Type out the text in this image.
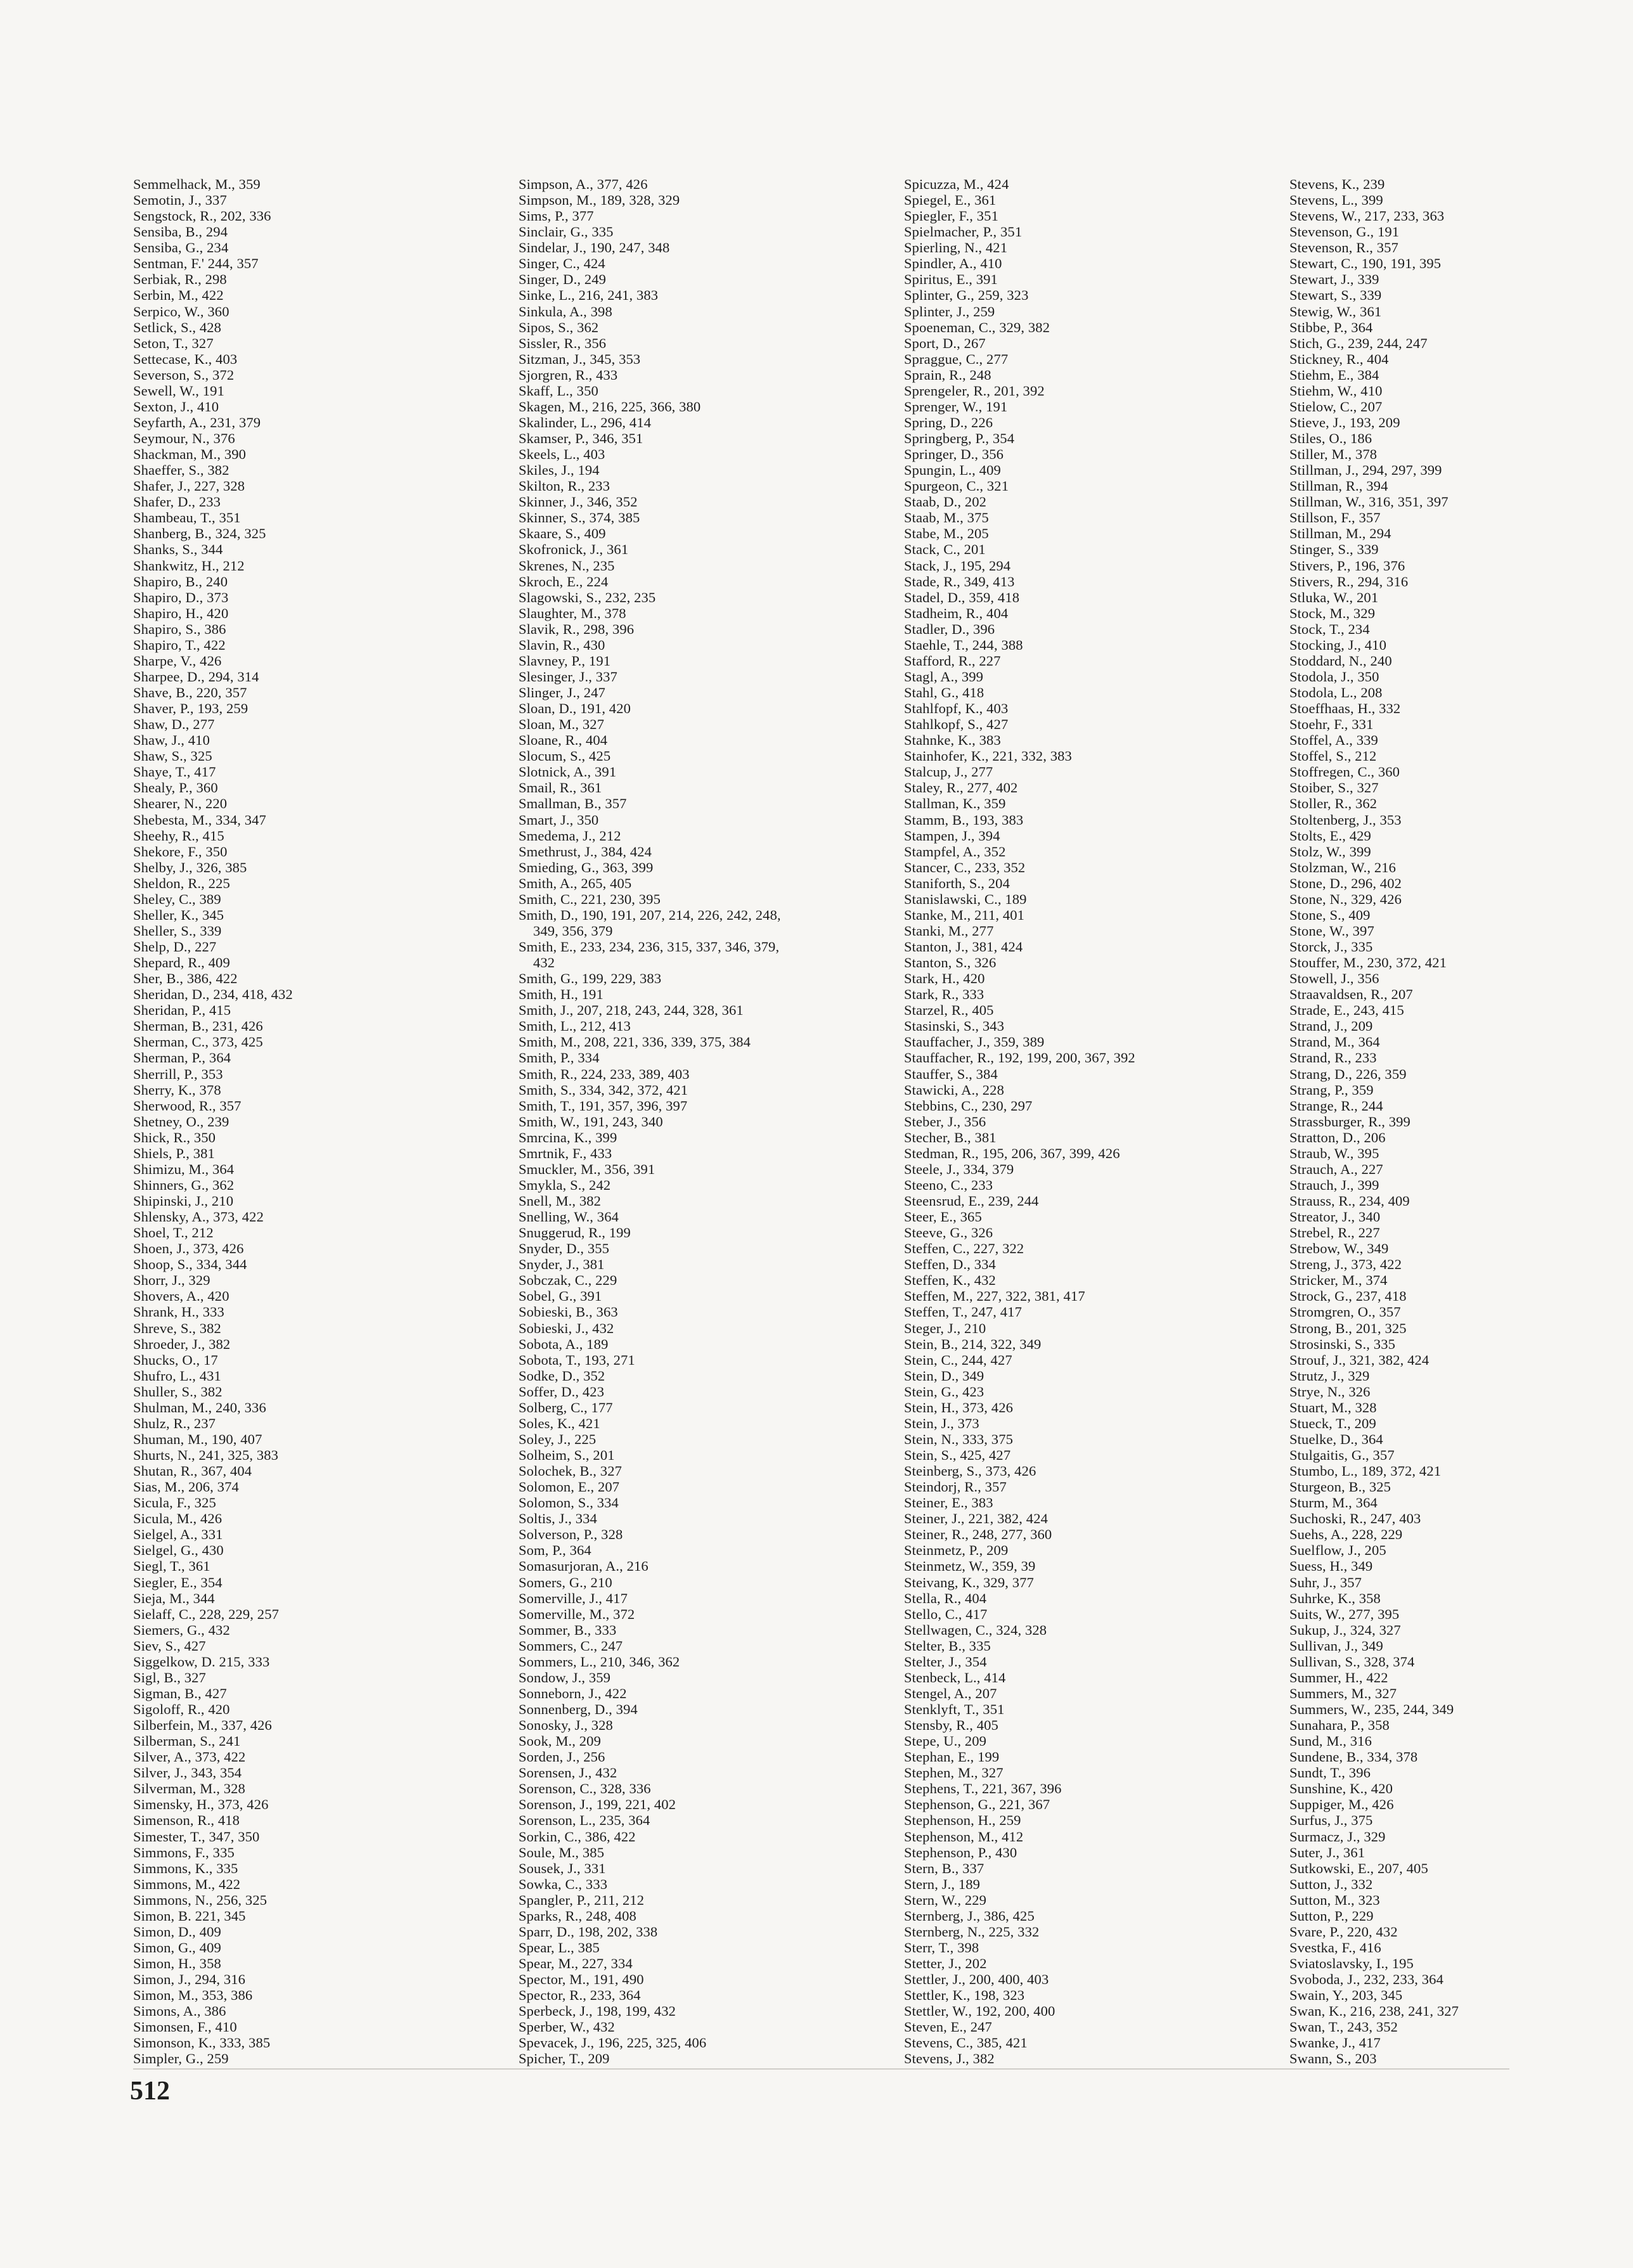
Semmelhack, M., 359
Semotin, J., 337
Sengstock, R., 202, 336
Sensiba, B., 294
Sensiba, G., 234
Sentman, F.' 244, 357
Serbiak, R., 298
Serbin, M., 422
Serpico, W., 360
Setlick, S., 428
Seton, T., 327
Settecase, K., 403
Severson, S., 372
Sewell, W., 191
Sexton, J., 410
Seyfarth, A., 231, 379
Seymour, N., 376
Shackman, M., 390
Shaeffer, S., 382
Shafer, J., 227, 328
Shafer, D., 233
Shambeau, T., 351
Shanberg, B., 324, 325
Shanks, S., 344
Shankwitz, H., 212
Shapiro, B., 240
Shapiro, D., 373
Shapiro, H., 420
Shapiro, S., 386
Shapiro, T., 422
Sharpe, V., 426
Sharpee, D., 294, 314
Shave, B., 220, 357
Shaver, P., 193, 259
Shaw, D., 277
Shaw, J., 410
Shaw, S., 325
Shaye, T., 417
Shealy, P., 360
Shearer, N., 220
Shebesta, M., 334, 347
Sheehy, R., 415
Shekore, F., 350
Shelby, J., 326, 385
Sheldon, R., 225
Sheley, C., 389
Sheller, K., 345
Sheller, S., 339
Shelp, D., 227
Shepard, R., 409
Sher, B., 386, 422
Sheridan, D., 234, 418, 432
Sheridan, P., 415
Sherman, B., 231, 426
Sherman, C., 373, 425
Sherman, P., 364
Sherrill, P., 353
Sherry, K., 378
Sherwood, R., 357
Shetney, O., 239
Shick, R., 350
Shiels, P., 381
Shimizu, M., 364
Shinners, G., 362
Shipinski, J., 210
Shlensky, A., 373, 422
Shoel, T., 212
Shoen, J., 373, 426
Shoop, S., 334, 344
Shorr, J., 329
Shovers, A., 420
Shrank, H., 333
Shreve, S., 382
Shroeder, J., 382
Shucks, O., 17
Shufro, L., 431
Shuller, S., 382
Shulman, M., 240, 336
Shulz, R., 237
Shuman, M., 190, 407
Shurts, N., 241, 325, 383
Shutan, R., 367, 404
Sias, M., 206, 374
Sicula, F., 325
Sicula, M., 426
Sielgel, A., 331
Sielgel, G., 430
Siegl, T., 361
Siegler, E., 354
Sieja, M., 344
Sielaff, C., 228, 229, 257
Siemers, G., 432
Siev, S., 427
Siggelkow, D. 215, 333
Sigl, B., 327
Sigman, B., 427
Sigoloff, R., 420
Silberfein, M., 337, 426
Silberman, S., 241
Silver, A., 373, 422
Silver, J., 343, 354
Silverman, M., 328
Simensky, H., 373, 426
Simenson, R., 418
Simester, T., 347, 350
Simmons, F., 335
Simmons, K., 335
Simmons, M., 422
Simmons, N., 256, 325
Simon, B. 221, 345
Simon, D., 409
Simon, G., 409
Simon, H., 358
Simon, J., 294, 316
Simon, M., 353, 386
Simons, A., 386
Simonsen, F., 410
Simonson, K., 333, 385
Simpler, G., 259
Simpson, A., 377, 426
Simpson, M., 189, 328, 329
Sims, P., 377
Sinclair, G., 335
Sindelar, J., 190, 247, 348
Singer, C., 424
Singer, D., 249
Sinke, L., 216, 241, 383
Sinkula, A., 398
Sipos, S., 362
Sissler, R., 356
Sitzman, J., 345, 353
Sjorgren, R., 433
Skaff, L., 350
Skagen, M., 216, 225, 366, 380
Skalinder, L., 296, 414
Skamser, P., 346, 351
Skeels, L., 403
Skiles, J., 194
Skilton, R., 233
Skinner, J., 346, 352
Skinner, S., 374, 385
Skaare, S., 409
Skofronick, J., 361
Skrenes, N., 235
Skroch, E., 224
Slagowski, S., 232, 235
Slaughter, M., 378
Slavik, R., 298, 396
Slavin, R., 430
Slavney, P., 191
Slesinger, J., 337
Slinger, J., 247
Sloan, D., 191, 420
Sloan, M., 327
Sloane, R., 404
Slocum, S., 425
Slotnick, A., 391
Smail, R., 361
Smallman, B., 357
Smart, J., 350
Smedema, J., 212
Smethrust, J., 384, 424
Smieding, G., 363, 399
Smith, A., 265, 405
Smith, C., 221, 230, 395
Smith, D., 190, 191, 207, 214, 226, 242, 248,
349, 356, 379
Smith, E., 233, 234, 236, 315, 337, 346, 379,
432
Smith, G., 199, 229, 383
Smith, H., 191
Smith, J., 207, 218, 243, 244, 328, 361
Smith, L., 212, 413
Smith, M., 208, 221, 336, 339, 375, 384
Smith, P., 334
Smith, R., 224, 233, 389, 403
Smith, S., 334, 342, 372, 421
Smith, T., 191, 357, 396, 397
Smith, W., 191, 243, 340
Smrcina, K., 399
Smrtnik, F., 433
Smuckler, M., 356, 391
Smykla, S., 242
Snell, M., 382
Snelling, W., 364
Snuggerud, R., 199
Snyder, D., 355
Snyder, J., 381
Sobczak, C., 229
Sobel, G., 391
Sobieski, B., 363
Sobieski, J., 432
Sobota, A., 189
Sobota, T., 193, 271
Sodke, D., 352
Soffer, D., 423
Solberg, C., 177
Soles, K., 421
Soley, J., 225
Solheim, S., 201
Solochek, B., 327
Solomon, E., 207
Solomon, S., 334
Soltis, J., 334
Solverson, P., 328
Som, P., 364
Somasurjoran, A., 216
Somers, G., 210
Somerville, J., 417
Somerville, M., 372
Sommer, B., 333
Sommers, C., 247
Sommers, L., 210, 346, 362
Sondow, J., 359
Sonneborn, J., 422
Sonnenberg, D., 394
Sonosky, J., 328
Sook, M., 209
Sorden, J., 256
Sorensen, J., 432
Sorenson, C., 328, 336
Sorenson, J., 199, 221, 402
Sorenson, L., 235, 364
Sorkin, C., 386, 422
Soule, M., 385
Sousek, J., 331
Sowka, C., 333
Spangler, P., 211, 212
Sparks, R., 248, 408
Sparr, D., 198, 202, 338
Spear, L., 385
Spear, M., 227, 334
Spector, M., 191, 490
Spector, R., 233, 364
Sperbeck, J., 198, 199, 432
Sperber, W., 432
Spevacek, J., 196, 225, 325, 406
Spicher, T., 209
Spicuzza, M., 424
Spiegel, E., 361
Spiegler, F., 351
Spielmacher, P., 351
Spierling, N., 421
Spindler, A., 410
Spiritus, E., 391
Splinter, G., 259, 323
Splinter, J., 259
Spoeneman, C., 329, 382
Sport, D., 267
Spraggue, C., 277
Sprain, R., 248
Sprengeler, R., 201, 392
Sprenger, W., 191
Spring, D., 226
Springberg, P., 354
Springer, D., 356
Spungin, L., 409
Spurgeon, C., 321
Staab, D., 202
Staab, M., 375
Stabe, M., 205
Stack, C., 201
Stack, J., 195, 294
Stade, R., 349, 413
Stadel, D., 359, 418
Stadheim, R., 404
Stadler, D., 396
Staehle, T., 244, 388
Stafford, R., 227
Stagl, A., 399
Stahl, G., 418
Stahlfopf, K., 403
Stahlkopf, S., 427
Stahnke, K., 383
Stainhofer, K., 221, 332, 383
Stalcup, J., 277
Staley, R., 277, 402
Stallman, K., 359
Stamm, B., 193, 383
Stampen, J., 394
Stampfel, A., 352
Stancer, C., 233, 352
Staniforth, S., 204
Stanislawski, C., 189
Stanke, M., 211, 401
Stanki, M., 277
Stanton, J., 381, 424
Stanton, S., 326
Stark, H., 420
Stark, R., 333
Starzel, R., 405
Stasinski, S., 343
Stauffacher, J., 359, 389
Stauffacher, R., 192, 199, 200, 367, 392
Stauffer, S., 384
Stawicki, A., 228
Stebbins, C., 230, 297
Steber, J., 356
Stecher, B., 381
Stedman, R., 195, 206, 367, 399, 426
Steele, J., 334, 379
Steeno, C., 233
Steensrud, E., 239, 244
Steer, E., 365
Steeve, G., 326
Steffen, C., 227, 322
Steffen, D., 334
Steffen, K., 432
Steffen, M., 227, 322, 381, 417
Steffen, T., 247, 417
Steger, J., 210
Stein, B., 214, 322, 349
Stein, C., 244, 427
Stein, D., 349
Stein, G., 423
Stein, H., 373, 426
Stein, J., 373
Stein, N., 333, 375
Stein, S., 425, 427
Steinberg, S., 373, 426
Steindorj, R., 357
Steiner, E., 383
Steiner, J., 221, 382, 424
Steiner, R., 248, 277, 360
Steinmetz, P., 209
Steinmetz, W., 359, 39
Steivang, K., 329, 377
Stella, R., 404
Stello, C., 417
Stellwagen, C., 324, 328
Stelter, B., 335
Stelter, J., 354
Stenbeck, L., 414
Stengel, A., 207
Stenklyft, T., 351
Stensby, R., 405
Stepe, U., 209
Stephan, E., 199
Stephen, M., 327
Stephens, T., 221, 367, 396
Stephenson, G., 221, 367
Stephenson, H., 259
Stephenson, M., 412
Stephenson, P., 430
Stern, B., 337
Stern, J., 189
Stern, W., 229
Sternberg, J., 386, 425
Sternberg, N., 225, 332
Sterr, T., 398
Stetter, J., 202
Stettler, J., 200, 400, 403
Stettler, K., 198, 323
Stettler, W., 192, 200, 400
Steven, E., 247
Stevens, C., 385, 421
Stevens, J., 382
Stevens, K., 239
Stevens, L., 399
Stevens, W., 217, 233, 363
Stevenson, G., 191
Stevenson, R., 357
Stewart, C., 190, 191, 395
Stewart, J., 339
Stewart, S., 339
Stewig, W., 361
Stibbe, P., 364
Stich, G., 239, 244, 247
Stickney, R., 404
Stiehm, E., 384
Stiehm, W., 410
Stielow, C., 207
Stieve, J., 193, 209
Stiles, O., 186
Stiller, M., 378
Stillman, J., 294, 297, 399
Stillman, R., 394
Stillman, W., 316, 351, 397
Stillson, F., 357
Stillman, M., 294
Stinger, S., 339
Stivers, P., 196, 376
Stivers, R., 294, 316
Stluka, W., 201
Stock, M., 329
Stock, T., 234
Stocking, J., 410
Stoddard, N., 240
Stodola, J., 350
Stodola, L., 208
Stoeffhaas, H., 332
Stoehr, F., 331
Stoffel, A., 339
Stoffel, S., 212
Stoffregen, C., 360
Stoiber, S., 327
Stoller, R., 362
Stoltenberg, J., 353
Stolts, E., 429
Stolz, W., 399
Stolzman, W., 216
Stone, D., 296, 402
Stone, N., 329, 426
Stone, S., 409
Stone, W., 397
Storck, J., 335
Stouffer, M., 230, 372, 421
Stowell, J., 356
Straavaldsen, R., 207
Strade, E., 243, 415
Strand, J., 209
Strand, M., 364
Strand, R., 233
Strang, D., 226, 359
Strang, P., 359
Strange, R., 244
Strassburger, R., 399
Stratton, D., 206
Straub, W., 395
Strauch, A., 227
Strauch, J., 399
Strauss, R., 234, 409
Streator, J., 340
Strebel, R., 227
Strebow, W., 349
Streng, J., 373, 422
Stricker, M., 374
Strock, G., 237, 418
Stromgren, O., 357
Strong, B., 201, 325
Strosinski, S., 335
Strouf, J., 321, 382, 424
Strutz, J., 329
Strye, N., 326
Stuart, M., 328
Stueck, T., 209
Stuelke, D., 364
Stulgaitis, G., 357
Stumbo, L., 189, 372, 421
Sturgeon, B., 325
Sturm, M., 364
Suchoski, R., 247, 403
Suehs, A., 228, 229
Suelflow, J., 205
Suess, H., 349
Suhr, J., 357
Suhrke, K., 358
Suits, W., 277, 395
Sukup, J., 324, 327
Sullivan, J., 349
Sullivan, S., 328, 374
Summer, H., 422
Summers, M., 327
Summers, W., 235, 244, 349
Sunahara, P., 358
Sund, M., 316
Sundene, B., 334, 378
Sundt, T., 396
Sunshine, K., 420
Suppiger, M., 426
Surfus, J., 375
Surmacz, J., 329
Suter, J., 361
Sutkowski, E., 207, 405
Sutton, J., 332
Sutton, M., 323
Sutton, P., 229
Svare, P., 220, 432
Svestka, F., 416
Sviatoslavsky, I., 195
Svoboda, J., 232, 233, 364
Swain, Y., 203, 345
Swan, K., 216, 238, 241, 327
Swan, T., 243, 352
Swanke, J., 417
Swann, S., 203
512
